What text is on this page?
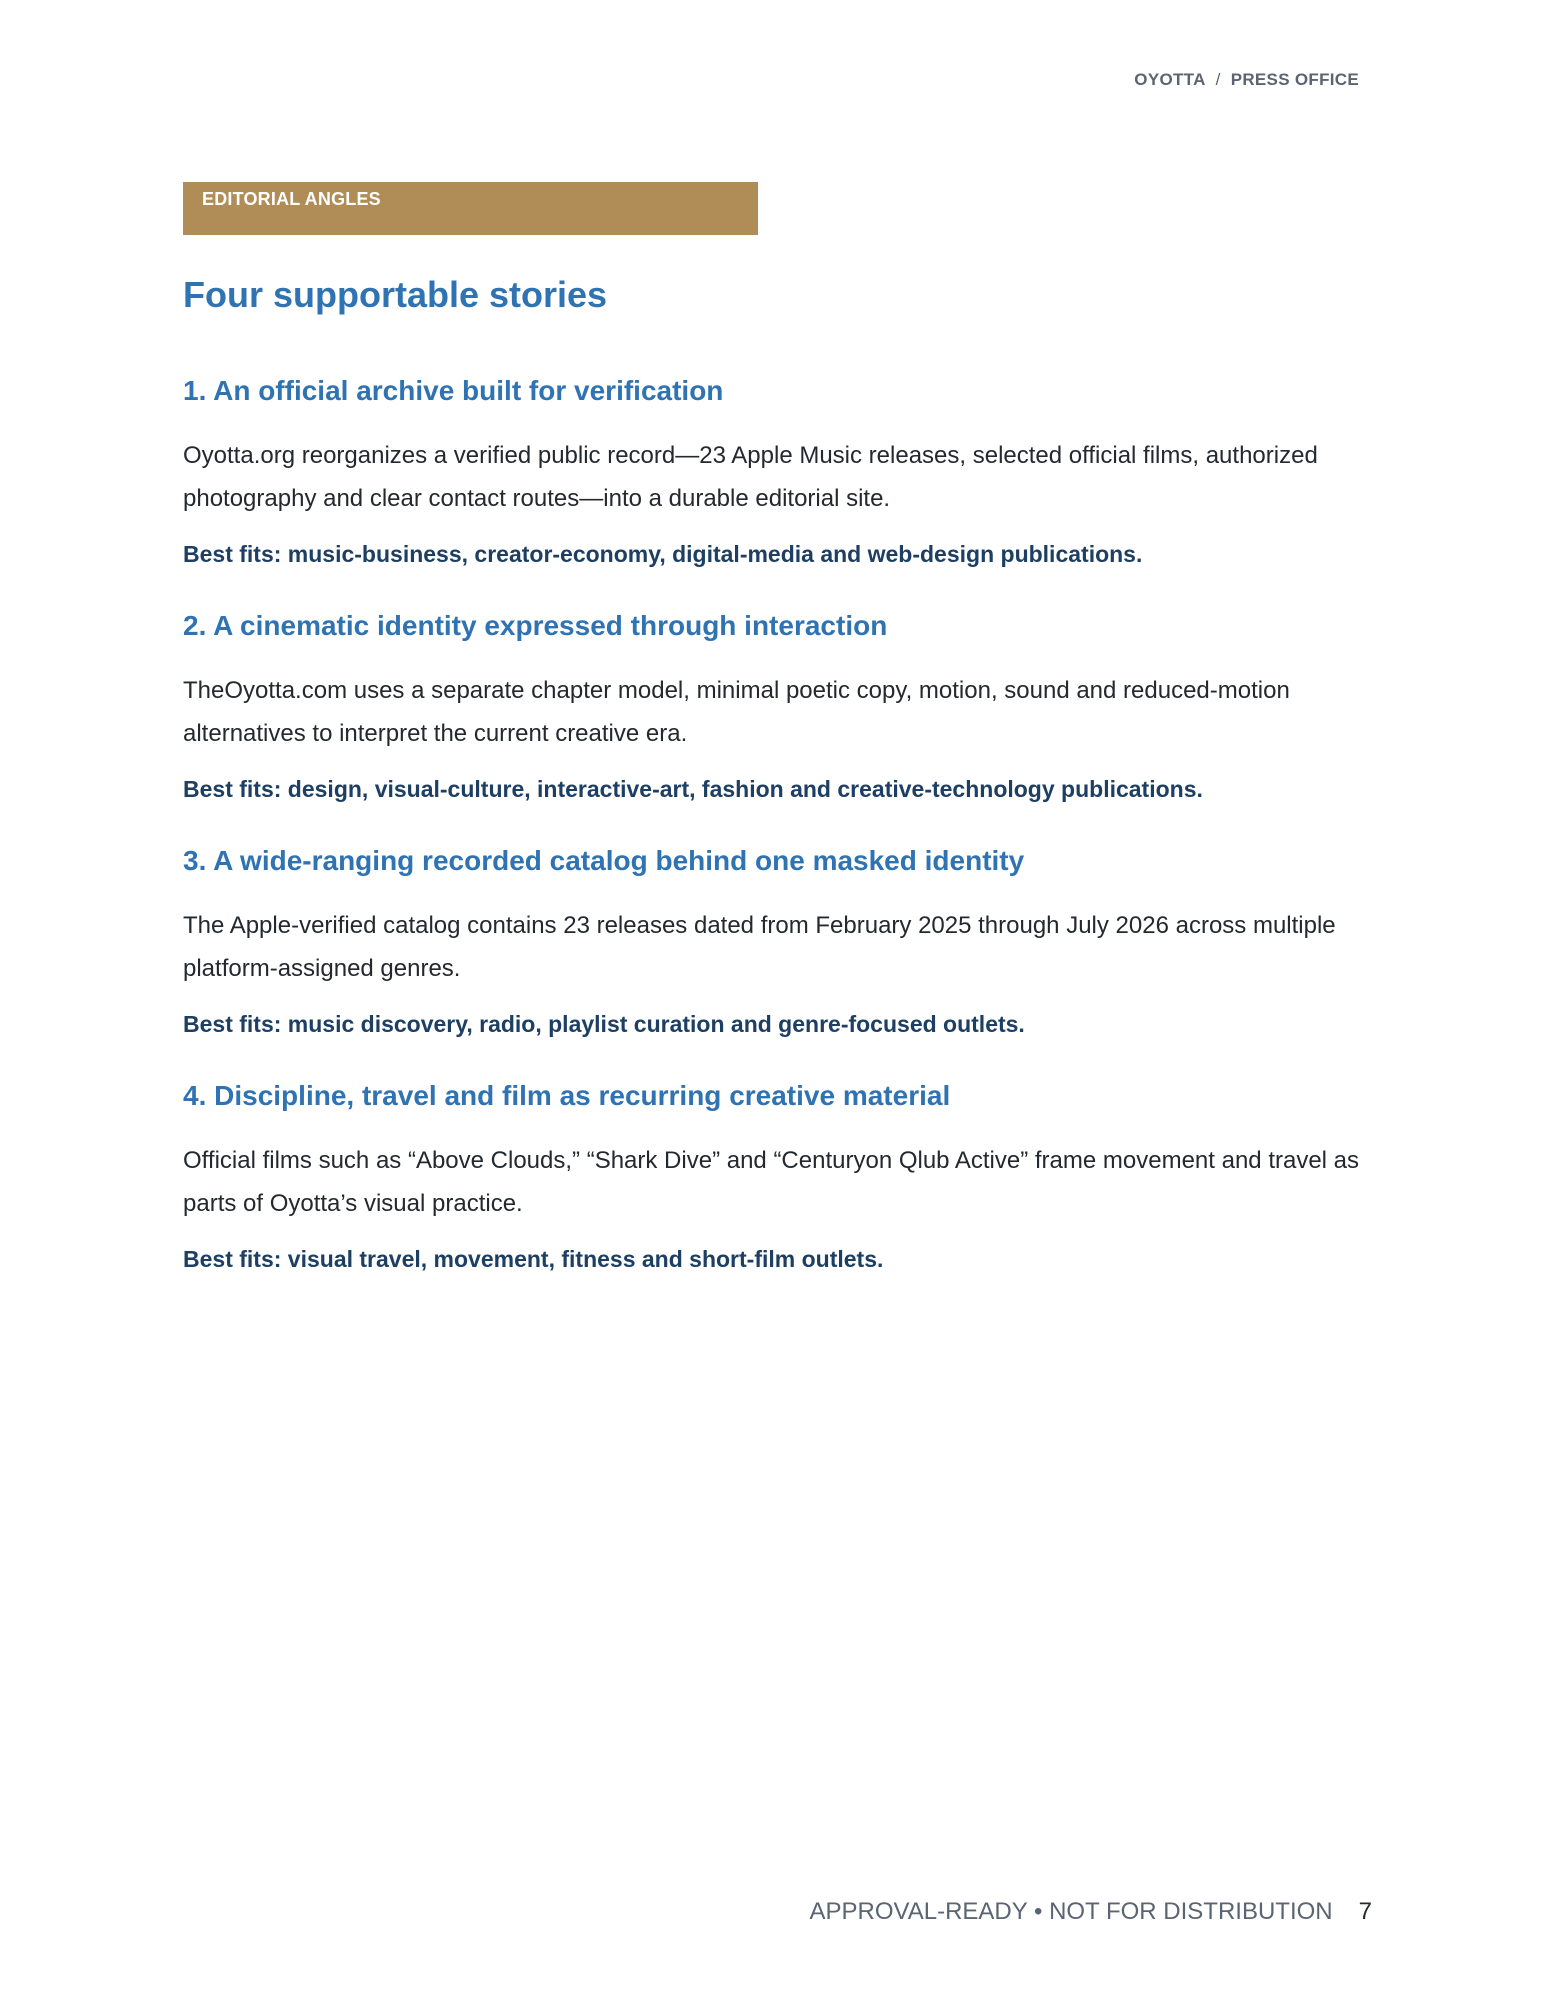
OYOTTA / PRESS OFFICE
EDITORIAL ANGLES
Four supportable stories
1. An official archive built for verification

Oyotta.org reorganizes a verified public record—23 Apple Music releases, selected official films, authorized photography and clear contact routes—into a durable editorial site.

Best fits: music-business, creator-economy, digital-media and web-design publications.

2. A cinematic identity expressed through interaction

TheOyotta.com uses a separate chapter model, minimal poetic copy, motion, sound and reduced-motion alternatives to interpret the current creative era.

Best fits: design, visual-culture, interactive-art, fashion and creative-technology publications.

3. A wide-ranging recorded catalog behind one masked identity

The Apple-verified catalog contains 23 releases dated from February 2025 through July 2026 across multiple platform-assigned genres.

Best fits: music discovery, radio, playlist curation and genre-focused outlets.

4. Discipline, travel and film as recurring creative material

Official films such as “Above Clouds,” “Shark Dive” and “Centuryon Qlub Active” frame movement and travel as parts of Oyotta’s visual practice.

Best fits: visual travel, movement, fitness and short-film outlets.

APPROVAL-READY • NOT FOR DISTRIBUTION 7
